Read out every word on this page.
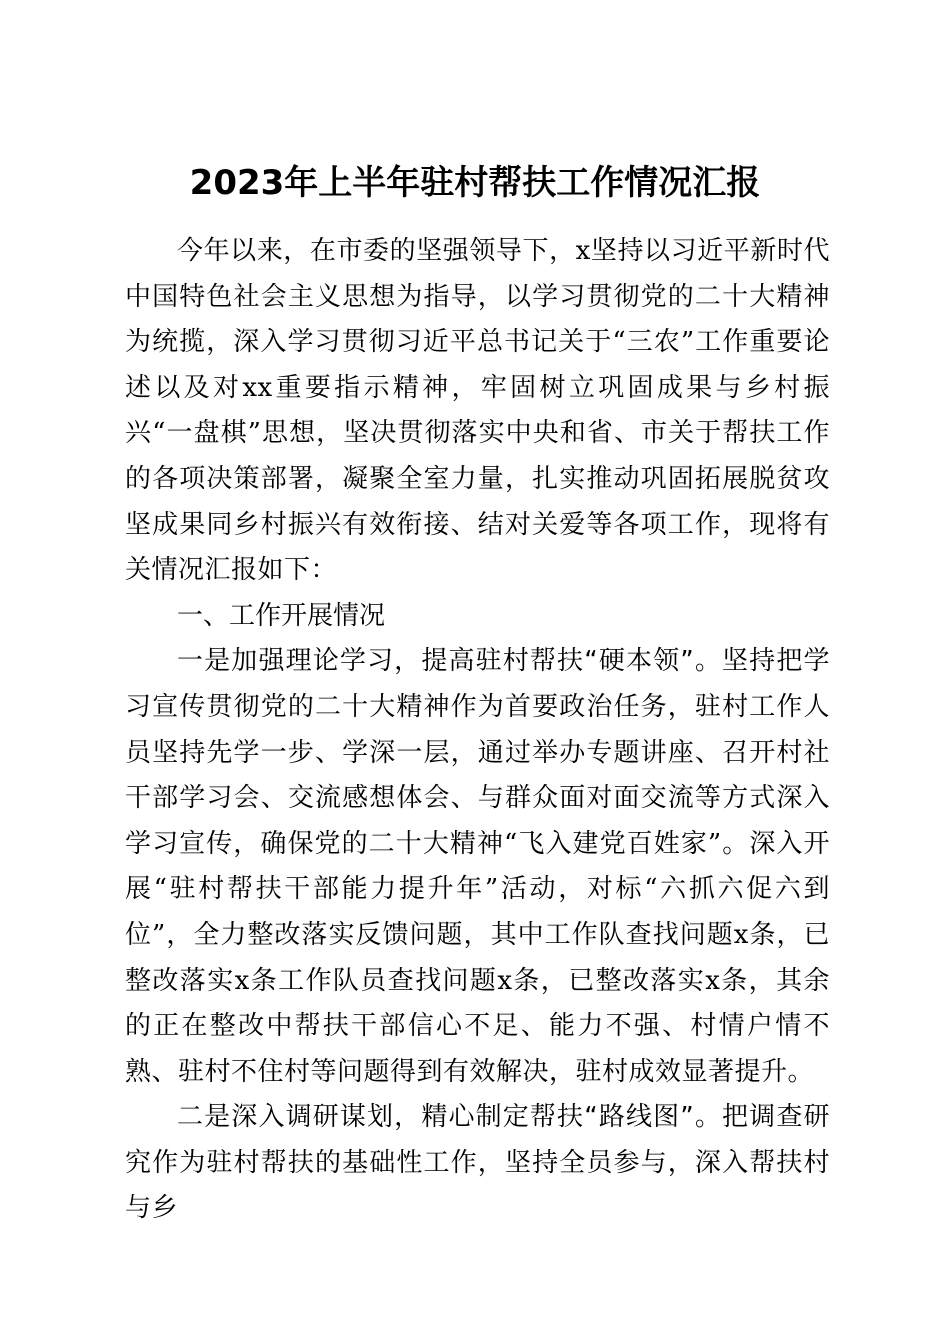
2023年上半年驻村帮扶工作情况汇报

今年以来，在市委的坚强领导下，x坚持以习近平新时代中国特色社会主义思想为指导，以学习贯彻党的二十大精神为统揽，深入学习贯彻习近平总书记关于“三农”工作重要论述以及对xx重要指示精神，牢固树立巩固成果与乡村振兴“一盘棋”思想，坚决贯彻落实中央和省、市关于帮扶工作的各项决策部署，凝聚全室力量，扎实推动巩固拓展脱贫攻坚成果同乡村振兴有效衔接、结对关爱等各项工作，现将有关情况汇报如下：

一、工作开展情况

一是加强理论学习，提高驻村帮扶“硬本领”。坚持把学习宣传贯彻党的二十大精神作为首要政治任务，驻村工作人员坚持先学一步、学深一层，通过举办专题讲座、召开村社干部学习会、交流感想体会、与群众面对面交流等方式深入学习宣传，确保党的二十大精神“飞入建党百姓家”。深入开展“驻村帮扶干部能力提升年”活动，对标“六抓六促六到位”，全力整改落实反馈问题，其中工作队查找问题x条，已整改落实x条工作队员查找问题x条，已整改落实x条，其余的正在整改中帮扶干部信心不足、能力不强、村情户情不熟、驻村不住村等问题得到有效解决，驻村成效显著提升。

二是深入调研谋划，精心制定帮扶“路线图”。把调查研究作为驻村帮扶的基础性工作，坚持全员参与，深入帮扶村与乡
